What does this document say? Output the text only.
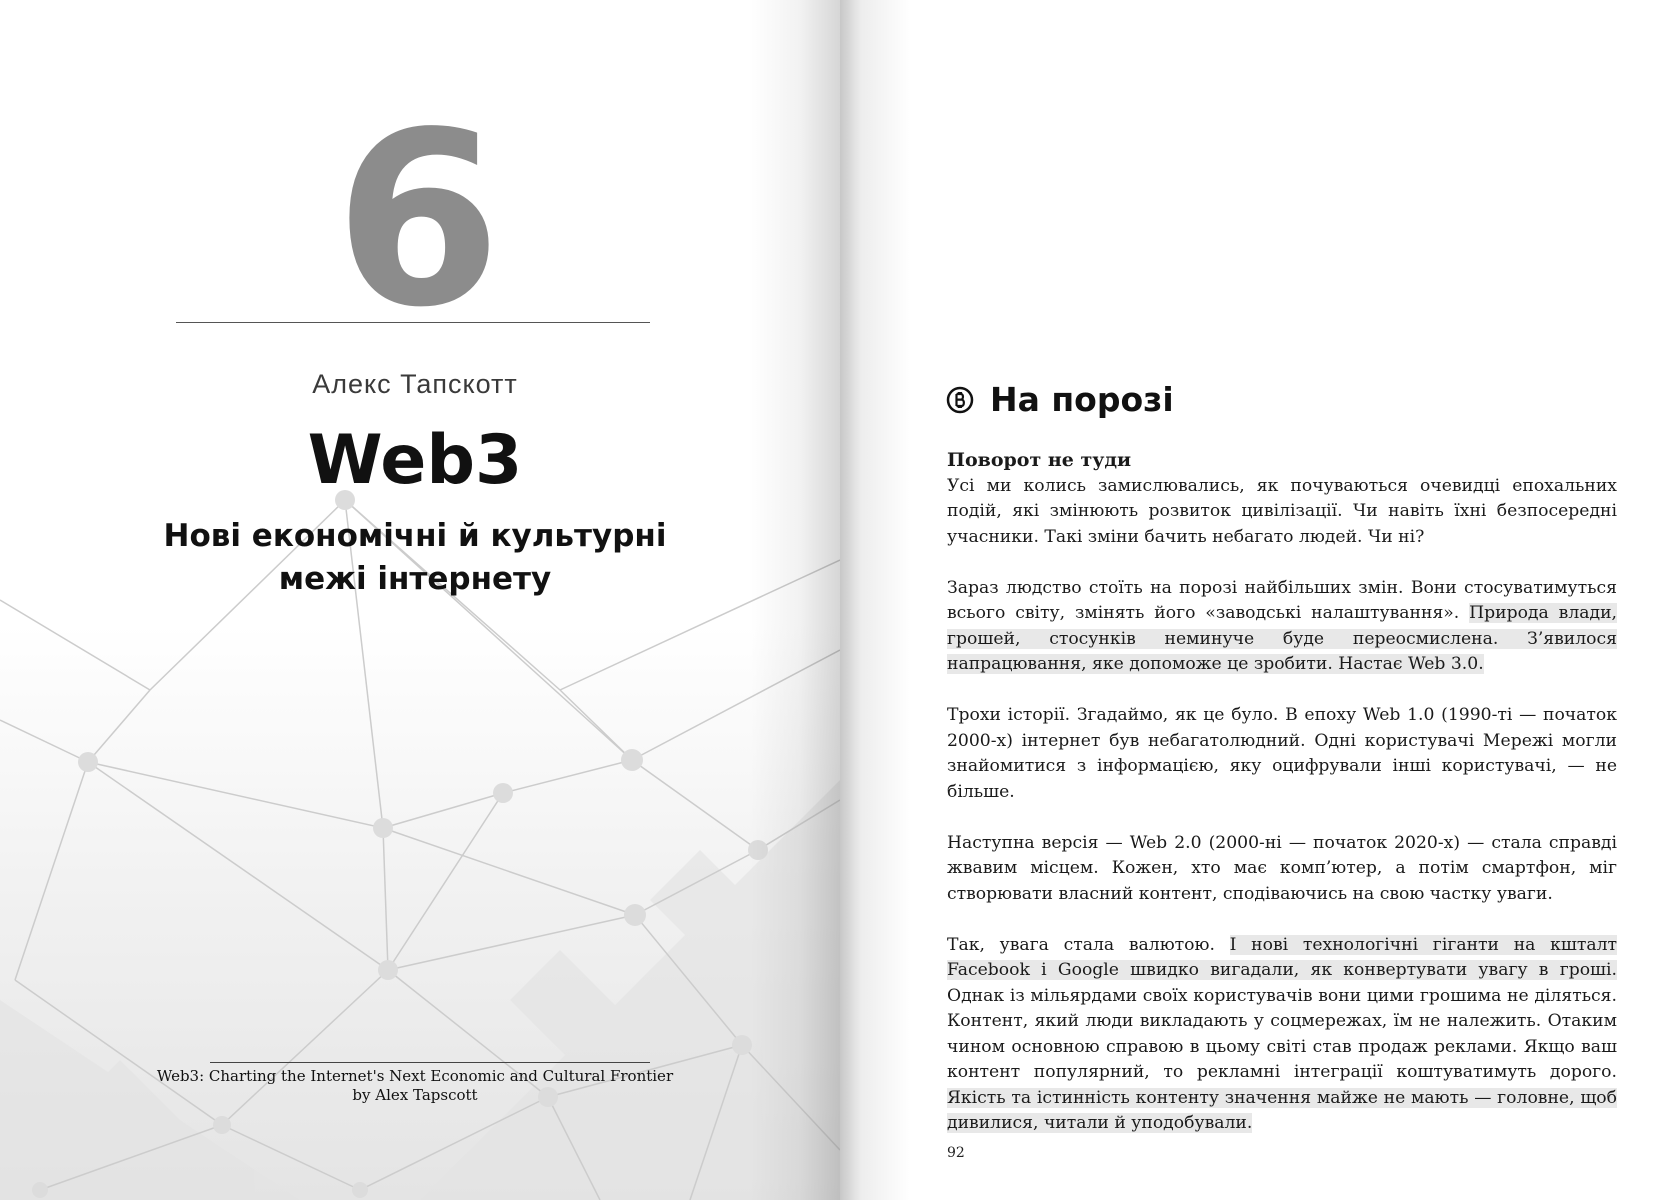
6
Алекс Тапскотт
Web3
Нові економічні й культурні межі інтернету
Web3: Charting the Internet's Next Economic and Cultural Frontier
by Alex Tapscott
На порозі
Поворот не туди

Усі ми колись замислювались, як почуваються очевидці епохальних подій, які змінюють розвиток цивілізації. Чи навіть їхні безпосередні учасники. Такі зміни бачить небагато людей. Чи ні?

Зараз людство стоїть на порозі найбільших змін. Вони стосуватимуться всього світу, змінять його «заводські налаштування». Природа влади, грошей, стосунків неминуче буде переосмислена. З’явилося напрацювання, яке допоможе це зробити. Настає Web 3.0.

Трохи історії. Згадаймо, як це було. В епоху Web 1.0 (1990-ті — початок 2000-х) інтернет був небагатолюдний. Одні користувачі Мережі могли знайомитися з інформацією, яку оцифрували інші користувачі, — не більше.

Наступна версія — Web 2.0 (2000-ні — початок 2020-х) — стала справді жвавим місцем. Кожен, хто має комп’ютер, а потім смартфон, міг створювати власний контент, сподіваючись на свою частку уваги.

Так, увага стала валютою. І нові технологічні гіганти на кшталт Facebook і Google швидко вигадали, як конвертувати увагу в гроші. Однак із мільярдами своїх користувачів вони цими грошима не діляться. Контент, який люди викладають у соцмережах, їм не належить. Отаким чином основною справою в цьому світі став продаж реклами. Якщо ваш контент популярний, то рекламні інтеграції коштуватимуть дорого. Якість та істинність контенту значення майже не мають — головне, щоб дивилися, читали й уподобували.

92
